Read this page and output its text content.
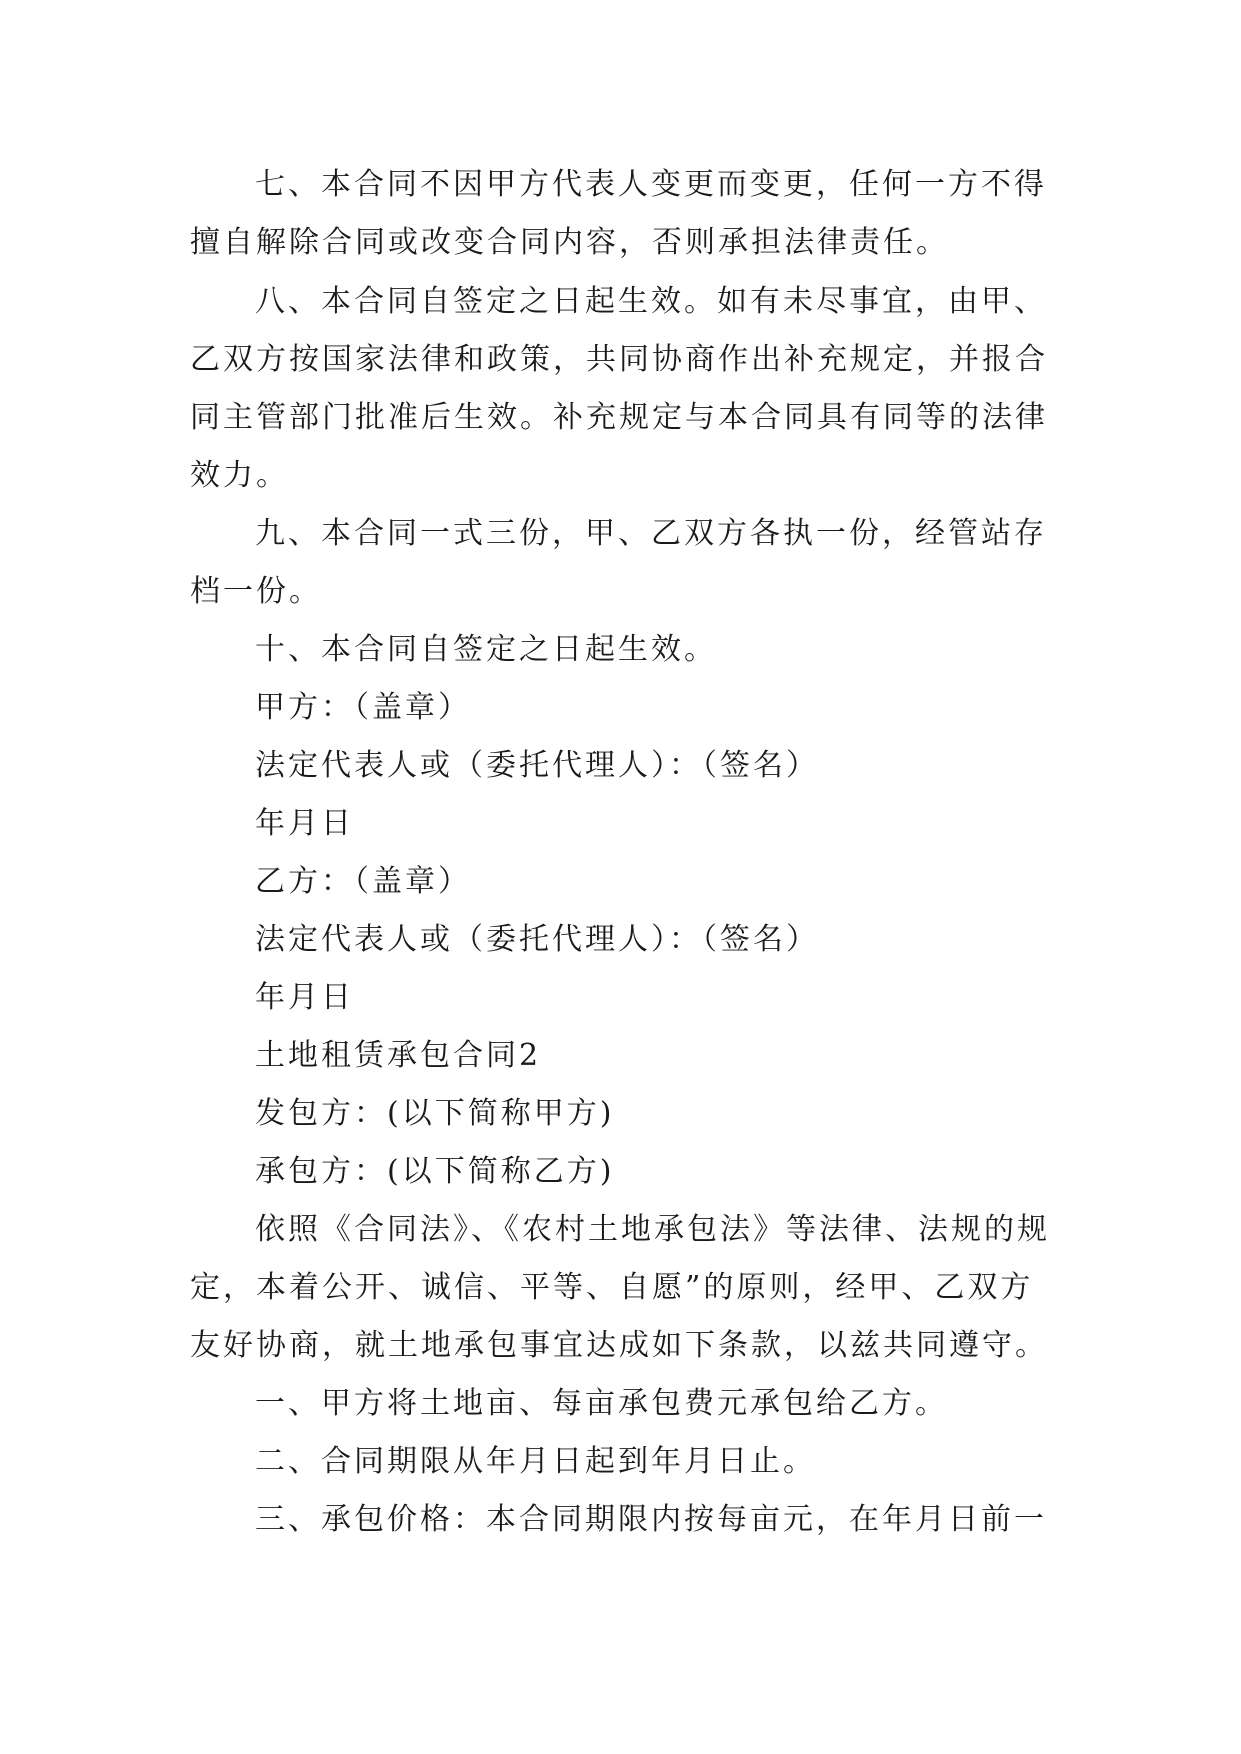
七、本合同不因甲方代表人变更而变更，任何一方不得

擅自解除合同或改变合同内容，否则承担法律责任。

八、本合同自签定之日起生效。如有未尽事宜，由甲、

乙双方按国家法律和政策，共同协商作出补充规定，并报合

同主管部门批准后生效。补充规定与本合同具有同等的法律

效力。

九、本合同一式三份，甲、乙双方各执一份，经管站存

档一份。

十、本合同自签定之日起生效。

甲方：（盖章）

法定代表人或（委托代理人）：（签名）

年月日

乙方：（盖章）

法定代表人或（委托代理人）：（签名）

年月日

土地租赁承包合同2

发包方：(以下简称甲方)

承包方：(以下简称乙方)

依照《合同法》、《农村土地承包法》等法律、法规的规

定，本着公开、诚信、平等、自愿”的原则，经甲、乙双方

友好协商，就土地承包事宜达成如下条款，以兹共同遵守。

一、甲方将土地亩、每亩承包费元承包给乙方。

二、合同期限从年月日起到年月日止。

三、承包价格：本合同期限内按每亩元，在年月日前一
